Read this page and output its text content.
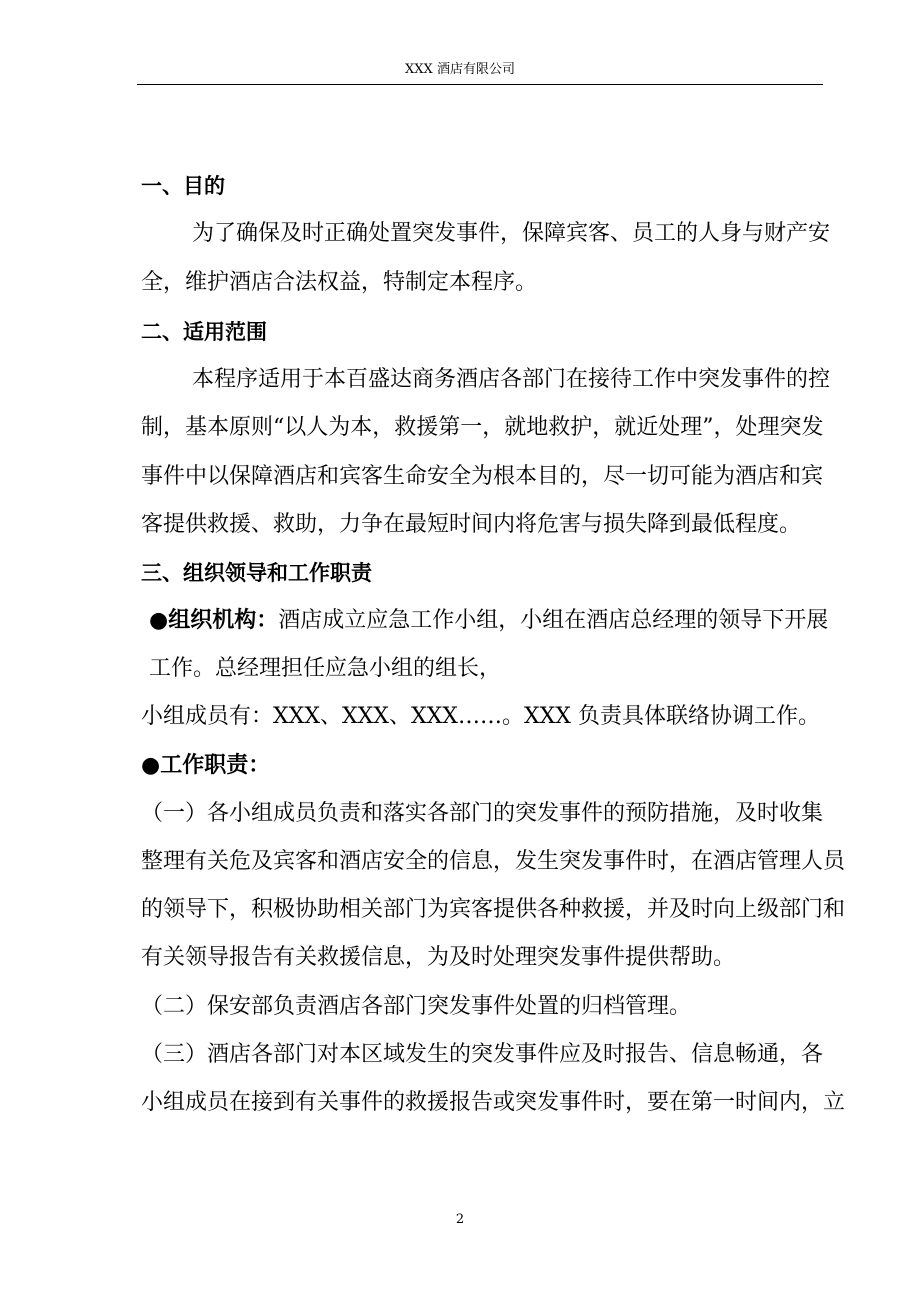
XXX 酒店有限公司
一、目的
为了确保及时正确处置突发事件，保障宾客、员工的人身与财产安
全，维护酒店合法权益，特制定本程序。
二、适用范围
本程序适用于本百盛达商务酒店各部门在接待工作中突发事件的控
制，基本原则“以人为本，救援第一，就地救护，就近处理”，处理突发
事件中以保障酒店和宾客生命安全为根本目的，尽一切可能为酒店和宾
客提供救援、救助，力争在最短时间内将危害与损失降到最低程度。
三、组织领导和工作职责
●组织机构：酒店成立应急工作小组，小组在酒店总经理的领导下开展
工作。总经理担任应急小组的组长，
小组成员有：XXX、XXX、XXX……。XXX 负责具体联络协调工作。
●工作职责：
（一）各小组成员负责和落实各部门的突发事件的预防措施，及时收集
整理有关危及宾客和酒店安全的信息，发生突发事件时，在酒店管理人员
的领导下，积极协助相关部门为宾客提供各种救援，并及时向上级部门和
有关领导报告有关救援信息，为及时处理突发事件提供帮助。
（二）保安部负责酒店各部门突发事件处置的归档管理。
（三）酒店各部门对本区域发生的突发事件应及时报告、信息畅通，各
小组成员在接到有关事件的救援报告或突发事件时，要在第一时间内，立
2
